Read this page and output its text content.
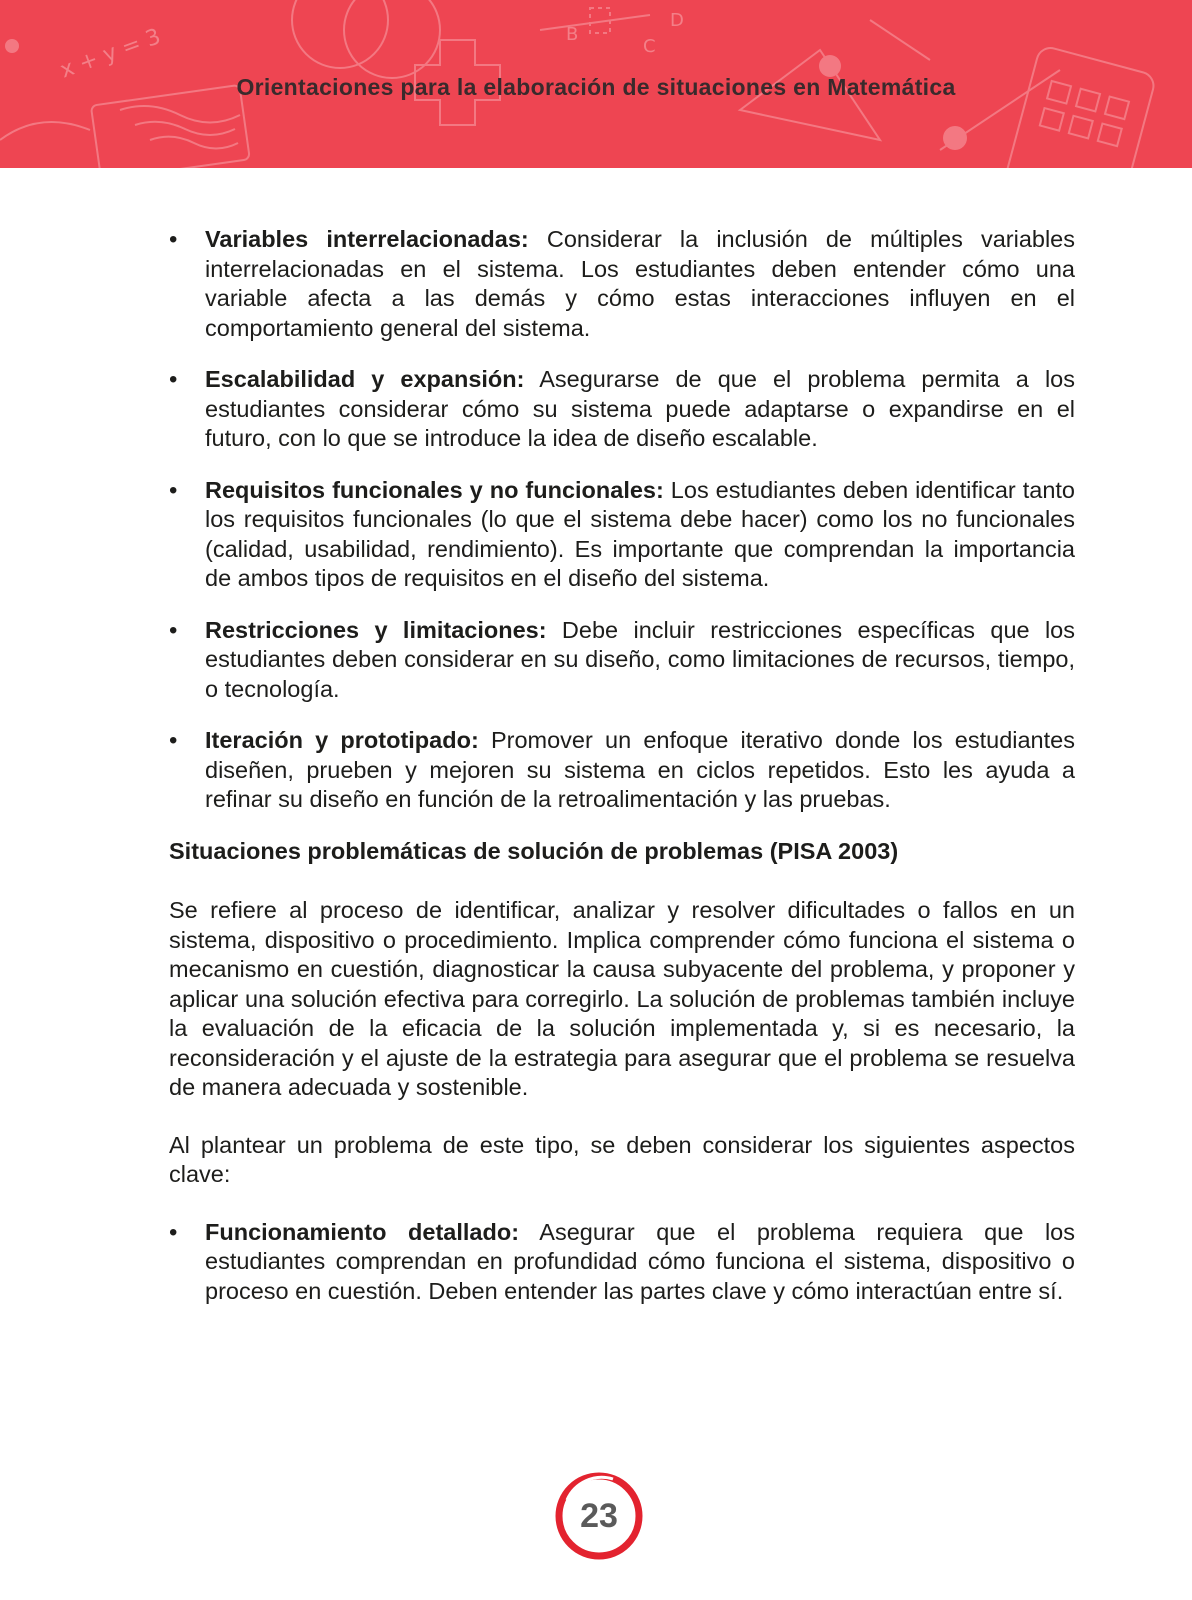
x + y = 3	B
C
D
Orientaciones para la elaboración de situaciones en Matemática
• Variables interrelacionadas: Considerar la inclusión de múltiples variables interrelacionadas en el sistema. Los estudiantes deben entender cómo una variable afecta a las demás y cómo estas interacciones influyen en el comportamiento general del sistema.
• Escalabilidad y expansión: Asegurarse de que el problema permita a los estudiantes considerar cómo su sistema puede adaptarse o expandirse en el futuro, con lo que se introduce la idea de diseño escalable.
• Requisitos funcionales y no funcionales: Los estudiantes deben identificar tanto los requisitos funcionales (lo que el sistema debe hacer) como los no funcionales (calidad, usabilidad, rendimiento). Es importante que comprendan la importancia de ambos tipos de requisitos en el diseño del sistema.
• Restricciones y limitaciones: Debe incluir restricciones específicas que los estudiantes deben considerar en su diseño, como limitaciones de recursos, tiempo, o tecnología.
• Iteración y prototipado: Promover un enfoque iterativo donde los estudiantes diseñen, prueben y mejoren su sistema en ciclos repetidos. Esto les ayuda a refinar su diseño en función de la retroalimentación y las pruebas.
Situaciones problemáticas de solución de problemas (PISA 2003)

Se refiere al proceso de identificar, analizar y resolver dificultades o fallos en un sistema, dispositivo o procedimiento. Implica comprender cómo funciona el sistema o mecanismo en cuestión, diagnosticar la causa subyacente del problema, y proponer y aplicar una solución efectiva para corregirlo. La solución de problemas también incluye la evaluación de la eficacia de la solución implementada y, si es necesario, la reconsideración y el ajuste de la estrategia para asegurar que el problema se resuelva de manera adecuada y sostenible.

Al plantear un problema de este tipo, se deben considerar los siguientes aspectos clave:

• Funcionamiento detallado: Asegurar que el problema requiera que los estudiantes comprendan en profundidad cómo funciona el sistema, dispositivo o proceso en cuestión. Deben entender las partes clave y cómo interactúan entre sí.
23
